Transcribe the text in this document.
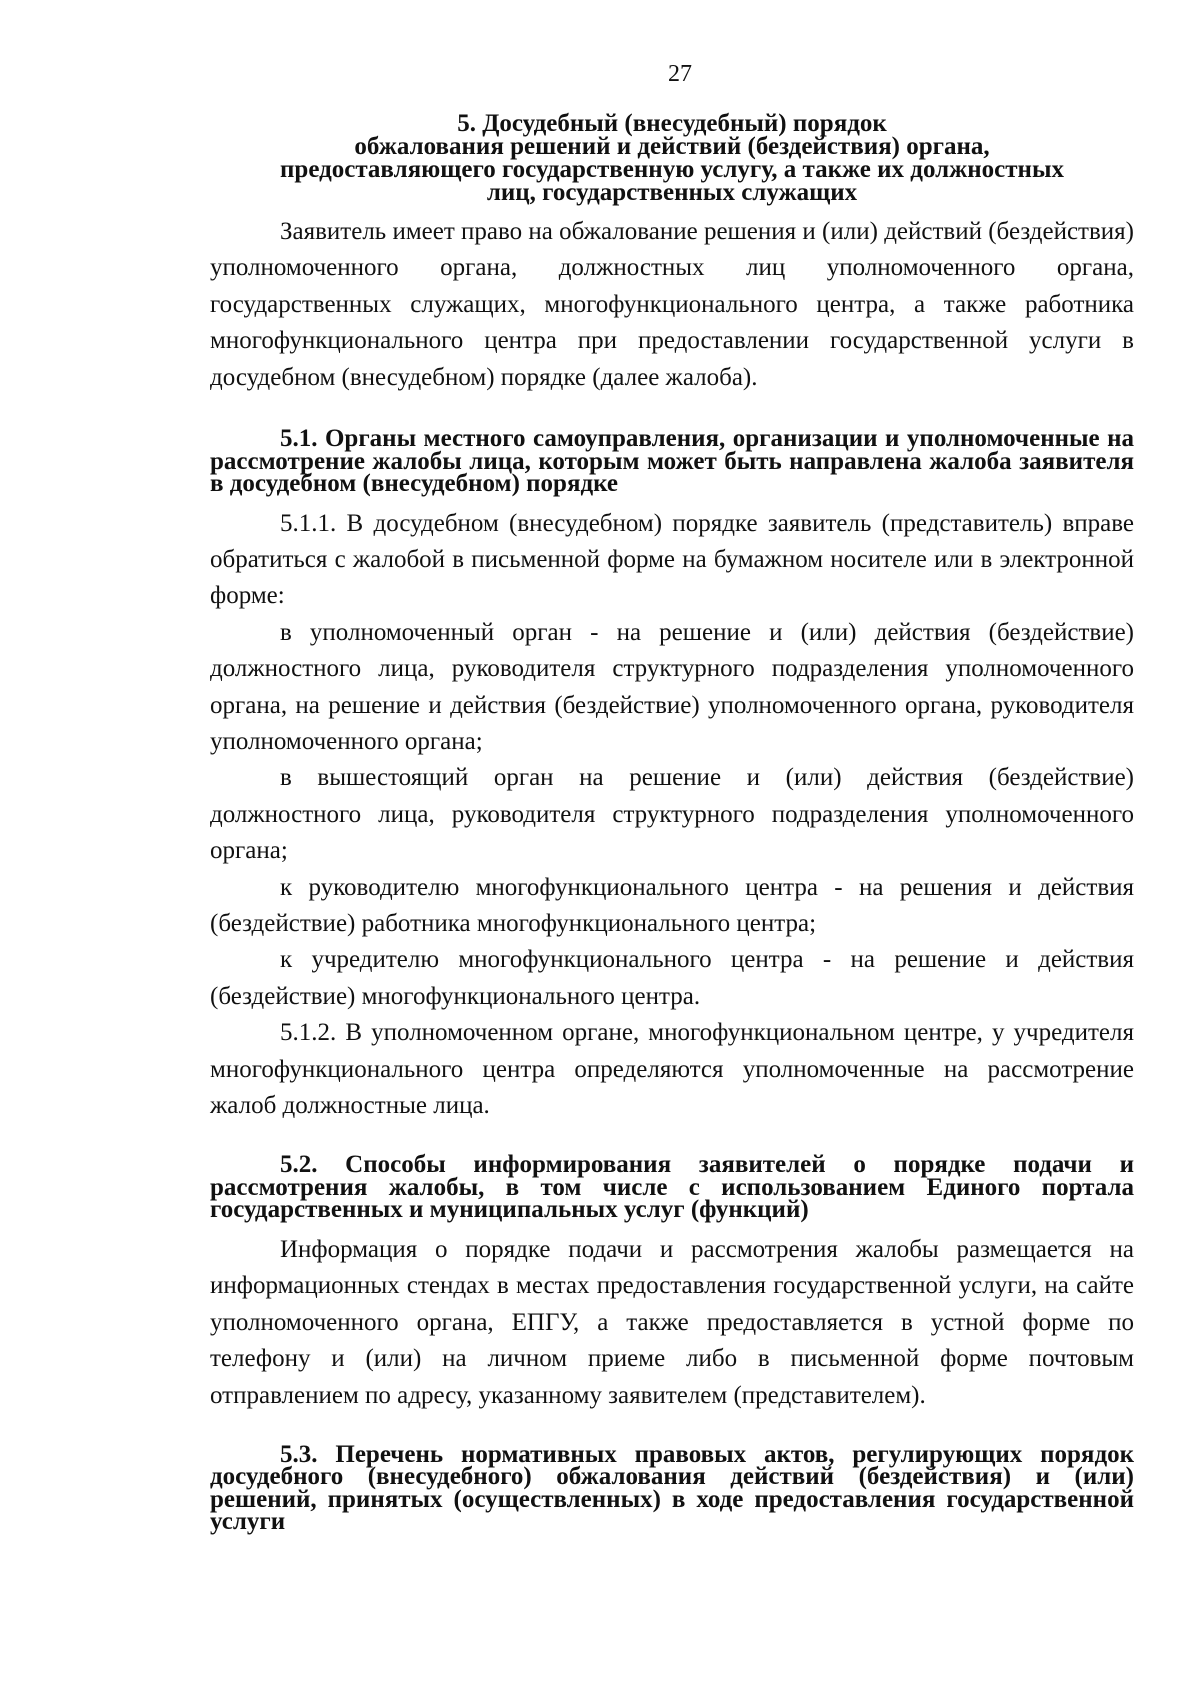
27
5. Досудебный (внесудебный) порядок
обжалования решений и действий (бездействия) органа,
предоставляющего государственную услугу, а также их должностных
лиц, государственных служащих

Заявитель имеет право на обжалование решения и (или) действий (бездействия) уполномоченного органа, должностных лиц уполномоченного органа, государственных служащих, многофункционального центра, а также работника многофункционального центра при предоставлении государственной услуги в досудебном (внесудебном) порядке (далее жалоба).

5.1. Органы местного самоуправления, организации и уполномоченные на рассмотрение жалобы лица, которым может быть направлена жалоба заявителя в досудебном (внесудебном) порядке

5.1.1. В досудебном (внесудебном) порядке заявитель (представитель) вправе обратиться с жалобой в письменной форме на бумажном носителе или в электронной форме:

в уполномоченный орган - на решение и (или) действия (бездействие) должностного лица, руководителя структурного подразделения уполномоченного органа, на решение и действия (бездействие) уполномоченного органа, руководителя уполномоченного органа;

в вышестоящий орган на решение и (или) действия (бездействие) должностного лица, руководителя структурного подразделения уполномоченного органа;

к руководителю многофункционального центра - на решения и действия (бездействие) работника многофункционального центра;

к учредителю многофункционального центра - на решение и действия (бездействие) многофункционального центра.

5.1.2. В уполномоченном органе, многофункциональном центре, у учредителя многофункционального центра определяются уполномоченные на рассмотрение жалоб должностные лица.

5.2. Способы информирования заявителей о порядке подачи и рассмотрения жалобы, в том числе с использованием Единого портала государственных и муниципальных услуг (функций)

Информация о порядке подачи и рассмотрения жалобы размещается на информационных стендах в местах предоставления государственной услуги, на сайте уполномоченного органа, ЕПГУ, а также предоставляется в устной форме по телефону и (или) на личном приеме либо в письменной форме почтовым отправлением по адресу, указанному заявителем (представителем).

5.3. Перечень нормативных правовых актов, регулирующих порядок досудебного (внесудебного) обжалования действий (бездействия) и (или) решений, принятых (осуществленных) в ходе предоставления государственной услуги
